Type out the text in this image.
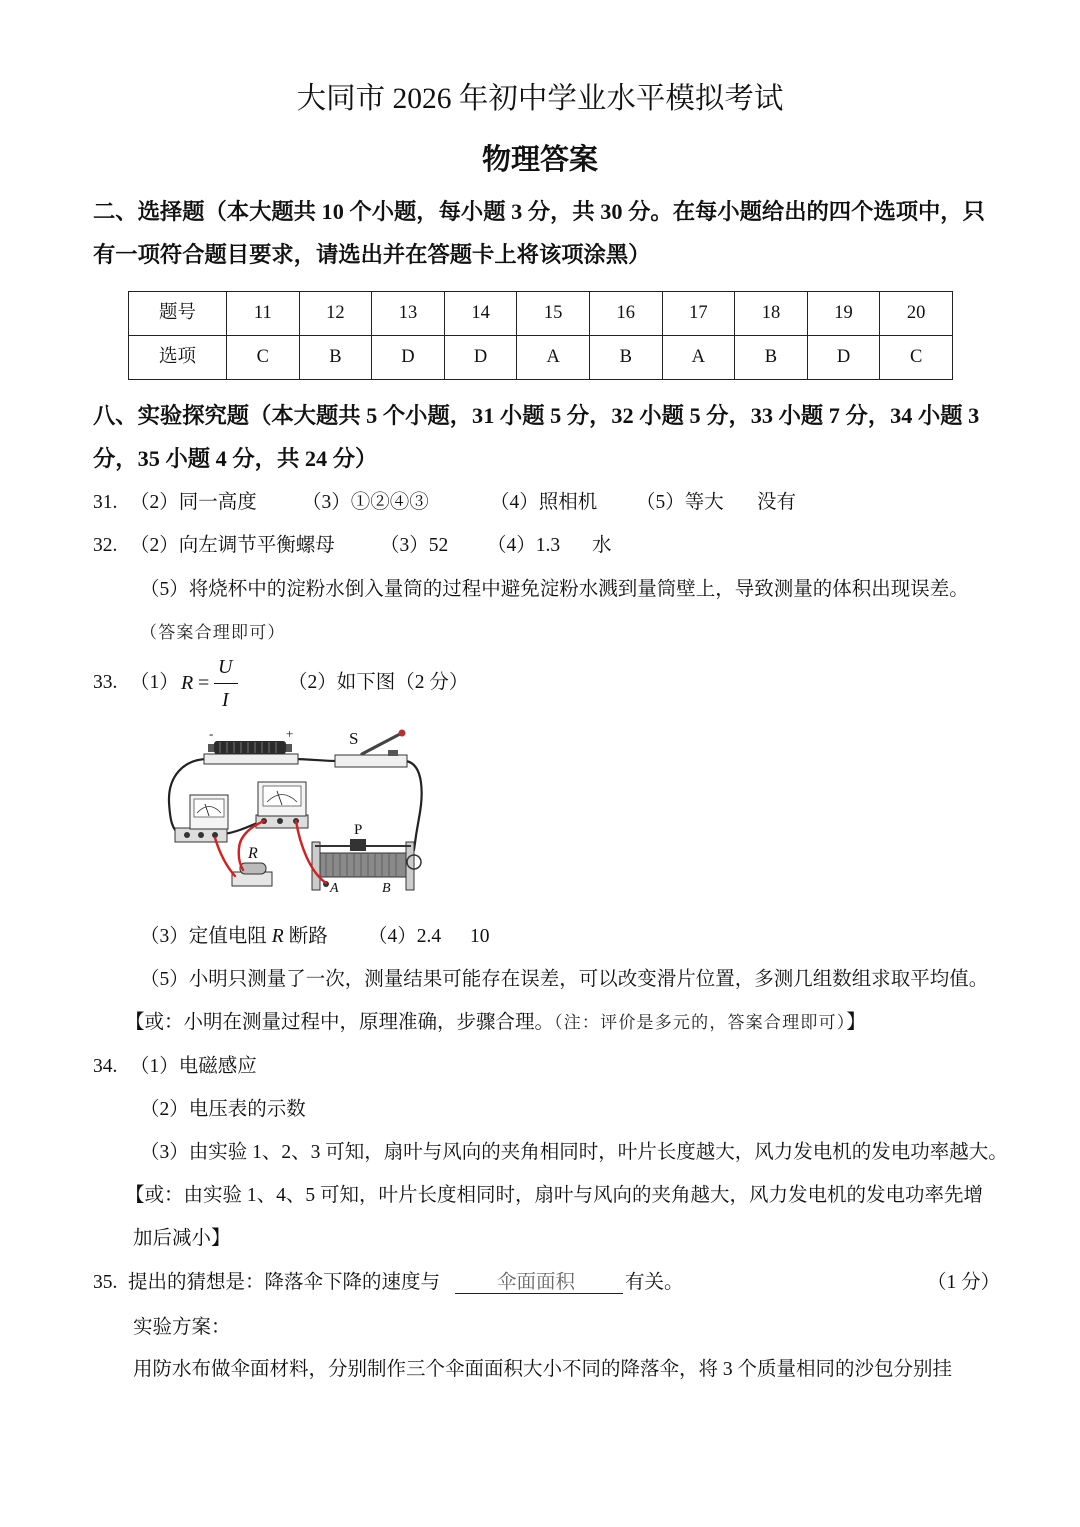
大同市 2026 年初中学业水平模拟考试
物理答案
二、选择题（本大题共 10 个小题，每小题 3 分，共 30 分。在每小题给出的四个选项中，只
有一项符合题目要求，请选出并在答题卡上将该项涂黑）
题号	11	12	13	14	15	16	17	18	19	20
选项	C	B	D	D	A	B	A	B	D	C
八、实验探究题（本大题共 5 个小题，31 小题 5 分，32 小题 5 分，33 小题 7 分，34 小题 3
分，35 小题 4 分，共 24 分）
31. （2）同一高度 （3）①②④③	（4）照相机 （5）等大 没有
32. （2）向左调节平衡螺母 （3）52 （4）1.3 水
（5）将烧杯中的淀粉水倒入量筒的过程中避免淀粉水溅到量筒壁上，导致测量的体积出现误差。
（答案合理即可）
33. （1） R =
U
I
（2）如下图（2 分）
-	+	S
R
P
A	B
（3）定值电阻 R 断路 （4）2.4 10
（5）小明只测量了一次，测量结果可能存在误差，可以改变滑片位置，多测几组数组求取平均值。
【或：小明在测量过程中，原理准确，步骤合理。（注：评价是多元的，答案合理即可）】
34. （1）电磁感应
（2）电压表的示数
（3）由实验 1、2、3 可知，扇叶与风向的夹角相同时，叶片长度越大，风力发电机的发电功率越大。
【或：由实验 1、4、5 可知，叶片长度相同时，扇叶与风向的夹角越大，风力发电机的发电功率先增
加后减小】
35. 提出的猜想是：降落伞下降的速度与	伞面面积	有关。	（1 分）
实验方案：
用防水布做伞面材料，分别制作三个伞面面积大小不同的降落伞，将 3 个质量相同的沙包分别挂
